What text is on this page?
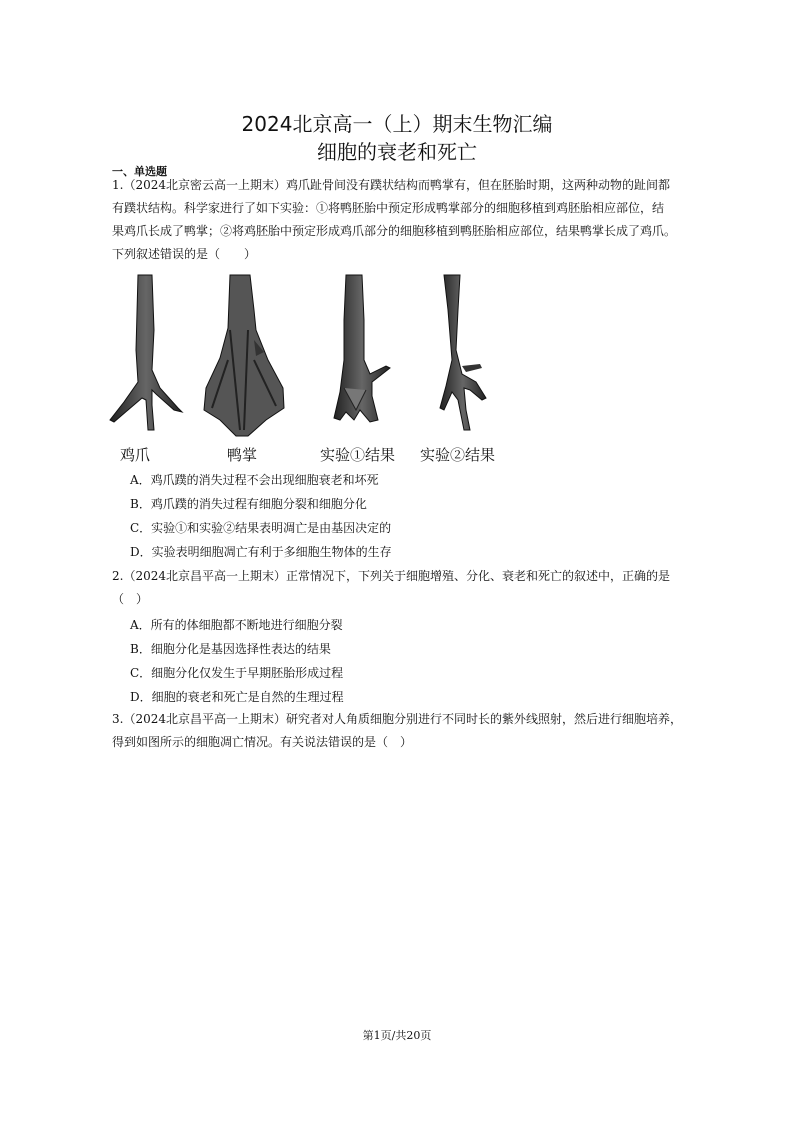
2024北京高一（上）期末生物汇编
细胞的衰老和死亡
一、单选题
1.（2024北京密云高一上期末）鸡爪趾骨间没有蹼状结构而鸭掌有，但在胚胎时期，这两种动物的趾间都
有蹼状结构。科学家进行了如下实验：①将鸭胚胎中预定形成鸭掌部分的细胞移植到鸡胚胎相应部位，结
果鸡爪长成了鸭掌；②将鸡胚胎中预定形成鸡爪部分的细胞移植到鸭胚胎相应部位，结果鸭掌长成了鸡爪。
下列叙述错误的是（　　）
鸡爪	鸭掌	实验①结果 实验②结果
A．鸡爪蹼的消失过程不会出现细胞衰老和坏死
B．鸡爪蹼的消失过程有细胞分裂和细胞分化
C．实验①和实验②结果表明凋亡是由基因决定的
D．实验表明细胞凋亡有利于多细胞生物体的生存
2.（2024北京昌平高一上期末）正常情况下，下列关于细胞增殖、分化、衰老和死亡的叙述中，正确的是
（　）
A．所有的体细胞都不断地进行细胞分裂
B．细胞分化是基因选择性表达的结果
C．细胞分化仅发生于早期胚胎形成过程
D．细胞的衰老和死亡是自然的生理过程
3.（2024北京昌平高一上期末）研究者对人角质细胞分别进行不同时长的紫外线照射，然后进行细胞培养，
得到如图所示的细胞凋亡情况。有关说法错误的是（　）
第1页/共20页
